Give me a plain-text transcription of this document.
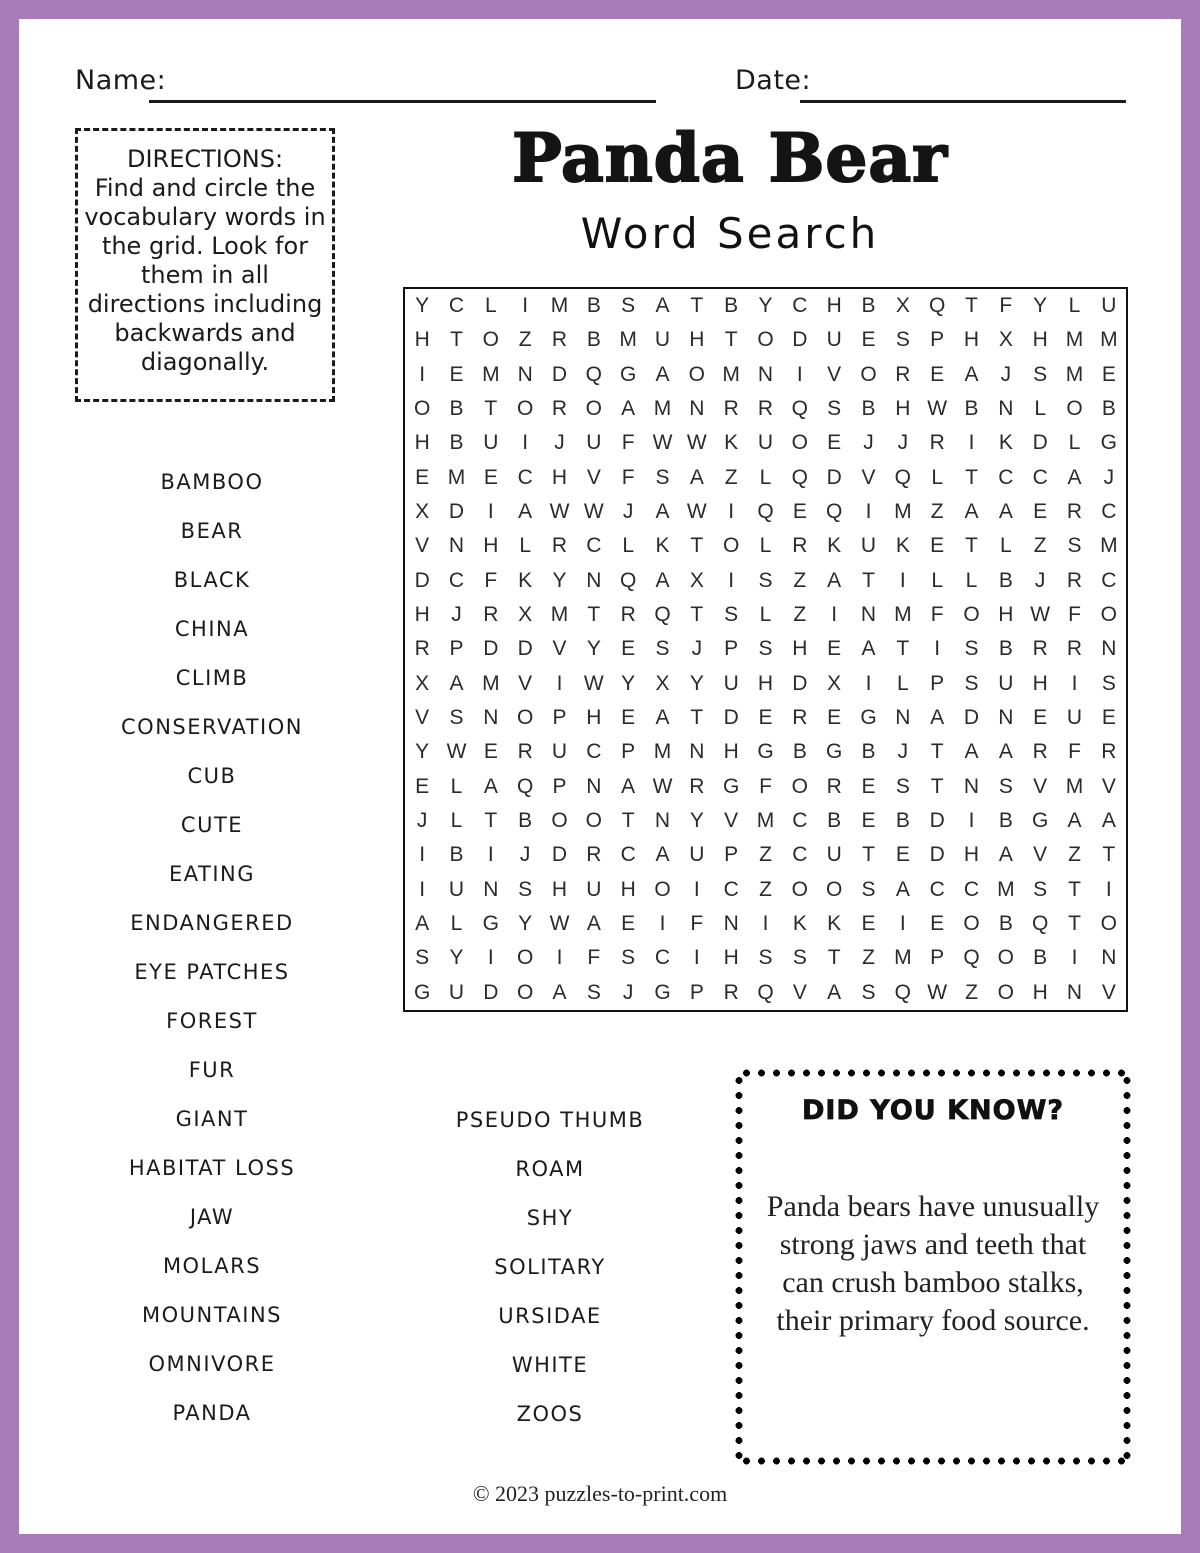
Name:	Date:
DIRECTIONS:
Find and circle the vocabulary words in the grid. Look for them in all directions including backwards and diagonally.
Panda Bear
Word Search
Y C L	I	M B S A T B Y C H B X Q T	F Y	L U
H T O Z R B M U H T O D U E S P H X H M M
I	E M N D Q G A O M N	I	V O R E A	J	S M E
O B T O R O A M N R R Q S B H W B N L O B
H B U	I	J	U F W W K U O E	J	J	R	I	K D L G
E M E C H V F S A Z	L Q D V Q L	T C C A	J
X D	I	A W W J	A W	I	Q E Q	I	M Z A A E R C
V N H L R C L	K T O L R K U K E T	L	Z S M
D C F K Y N Q A X	I	S Z A T	I	L	L	B	J	R C
H	J	R X M T R Q T S	L	Z	I	N M F O H W F O
R P D D V Y E S	J	P S H E A T	I	S B R R N
X A M V	I	W Y X Y U H D X	I	L	P S U H	I	S
V S N O P H E A T D E R E G N A D N E U E
Y W E R U C P M N H G B G B	J	T A A R F R
E	L	A Q P N A W R G F O R E S T N S V M V
J	L	T B O O T N Y V M C B E B D	I	B G A A
I	B	I	J	D R C A U P Z C U T E D H A V Z	T
I	U N S H U H O	I	C Z O O S A C C M S T	I
A	L G Y W A E	I	F N	I	K K E	I	E O B Q T O
S Y	I	O	I	F S C	I	H S S T	Z M P Q O B	I	N
G U D O A S	J G P R Q V A S Q W Z O H N V
BAMBOO
BEAR
BLACK
CHINA
CLIMB
CONSERVATION
CUB
CUTE
EATING
ENDANGERED
EYE PATCHES
FOREST
FUR
GIANT
HABITAT LOSS
JAW
MOLARS
MOUNTAINS
OMNIVORE
PANDA
PSEUDO THUMB
ROAM
SHY
SOLITARY
URSIDAE
WHITE
ZOOS
DID YOU KNOW?
Panda bears have unusually strong jaws and teeth that can crush bamboo stalks, their primary food source.
© 2023 puzzles-to-print.com
